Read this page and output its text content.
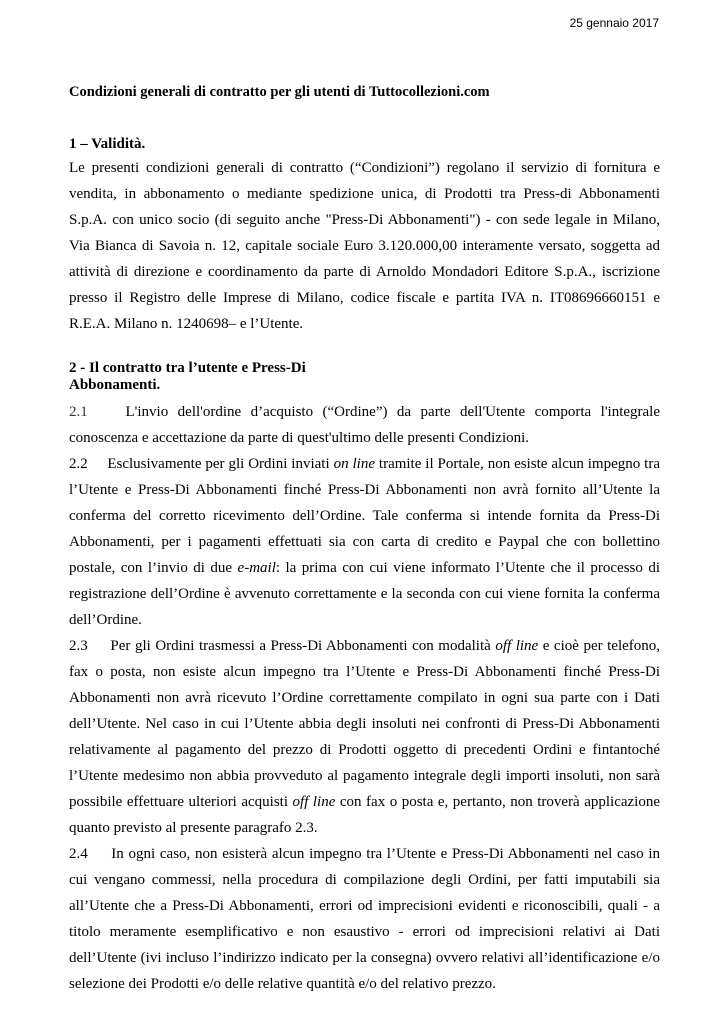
25 gennaio 2017
Condizioni generali di contratto per gli utenti di Tuttocollezioni.com
1 – Validità.
Le presenti condizioni generali di contratto (“Condizioni”) regolano il servizio di fornitura e vendita, in abbonamento o mediante spedizione unica, di Prodotti tra Press-di Abbonamenti S.p.A. con unico socio (di seguito anche "Press-Di Abbonamenti") - con sede legale in Milano, Via Bianca di Savoia n. 12, capitale sociale Euro 3.120.000,00 interamente versato, soggetta ad attività di direzione e coordinamento da parte di Arnoldo Mondadori Editore S.p.A., iscrizione presso il Registro delle Imprese di Milano, codice fiscale e partita IVA n. IT08696660151 e R.E.A. Milano n. 1240698– e l’Utente.
2 - Il contratto tra l’utente e Press-Di Abbonamenti.
2.1	L'invio dell'ordine d’acquisto (“Ordine”) da parte dell'Utente comporta l'integrale conoscenza e accettazione da parte di quest'ultimo delle presenti Condizioni.
2.2 Esclusivamente per gli Ordini inviati on line tramite il Portale, non esiste alcun impegno tra l’Utente e Press-Di Abbonamenti finché Press-Di Abbonamenti non avrà fornito all’Utente la conferma del corretto ricevimento dell’Ordine. Tale conferma si intende fornita da Press-Di Abbonamenti, per i pagamenti effettuati sia con carta di credito e Paypal che con bollettino postale, con l’invio di due e-mail: la prima con cui viene informato l’Utente che il processo di registrazione dell’Ordine è avvenuto correttamente e la seconda con cui viene fornita la conferma dell’Ordine.
2.3 Per gli Ordini trasmessi a Press-Di Abbonamenti con modalità off line e cioè per telefono, fax o posta, non esiste alcun impegno tra l’Utente e Press-Di Abbonamenti finché Press-Di Abbonamenti non avrà ricevuto l’Ordine correttamente compilato in ogni sua parte con i Dati dell’Utente. Nel caso in cui l’Utente abbia degli insoluti nei confronti di Press-Di Abbonamenti relativamente al pagamento del prezzo di Prodotti oggetto di precedenti Ordini e fintantoché l’Utente medesimo non abbia provveduto al pagamento integrale degli importi insoluti, non sarà possibile effettuare ulteriori acquisti off line con fax o posta e, pertanto, non troverà applicazione quanto previsto al presente paragrafo 2.3.
2.4 In ogni caso, non esisterà alcun impegno tra l’Utente e Press-Di Abbonamenti nel caso in cui vengano commessi, nella procedura di compilazione degli Ordini, per fatti imputabili sia all’Utente che a Press-Di Abbonamenti, errori od imprecisioni evidenti e riconoscibili, quali - a titolo meramente esemplificativo e non esaustivo - errori od imprecisioni relativi ai Dati dell’Utente (ivi incluso l’indirizzo indicato per la consegna) ovvero relativi all’identificazione e/o selezione dei Prodotti e/o delle relative quantità e/o del relativo prezzo.
